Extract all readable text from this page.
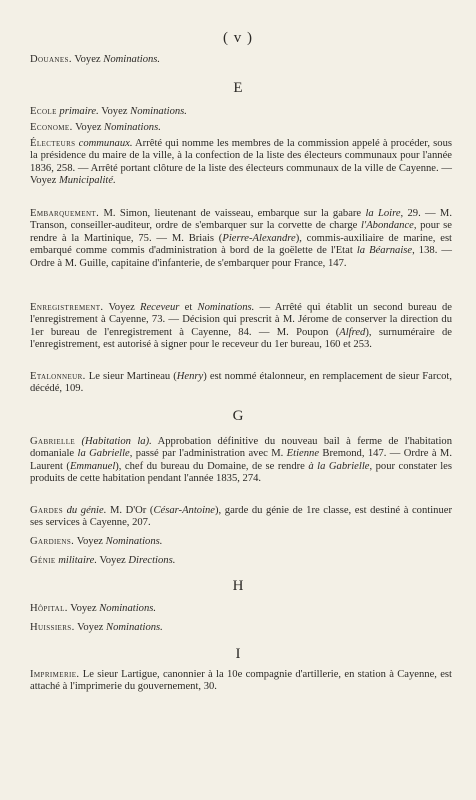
( v )
Douanes. Voyez Nominations.
E
Ecole primaire. Voyez Nominations.
Econome. Voyez Nominations.
Électeurs communaux. Arrêté qui nomme les membres de la commission appelé à procéder, sous la présidence du maire de la ville, à la confection de la liste des électeurs communaux pour l'année 1836, 258. — Arrêté portant clôture de la liste des électeurs communaux de la ville de Cayenne. — Voyez Municipalité.
Embarquement. M. Simon, lieutenant de vaisseau, embarque sur la gabare la Loire, 29. — M. Transon, conseiller-auditeur, ordre de s'embarquer sur la corvette de charge l'Abondance, pour se rendre à la Martinique, 75. — M. Briais (Pierre-Alexandre), commis-auxiliaire de marine, est embarqué comme commis d'administration à bord de la goëlette de l'Etat la Béarnaise, 138. — Ordre à M. Guille, capitaine d'infanterie, de s'embarquer pour France, 147.
Enregistrement. Voyez Receveur et Nominations. — Arrêté qui établit un second bureau de l'enregistrement à Cayenne, 73. — Décision qui prescrit à M. Jérome de conserver la direction du 1er bureau de l'enregistrement à Cayenne, 84. — M. Poupon (Alfred), surnuméraire de l'enregistrement, est autorisé à signer pour le receveur du 1er bureau, 160 et 253.
Etalonneur. Le sieur Martineau (Henry) est nommé étalonneur, en remplacement de sieur Farcot, décédé, 109.
G
Gabrielle (Habitation la). Approbation définitive du nouveau bail à ferme de l'habitation domaniale la Gabrielle, passé par l'administration avec M. Etienne Bremond, 147. — Ordre à M. Laurent (Emmanuel), chef du bureau du Domaine, de se rendre à la Gabrielle, pour constater les produits de cette habitation pendant l'année 1835, 274.
Gardes du génie. M. D'Or (César-Antoine), garde du génie de 1re classe, est destiné à continuer ses services à Cayenne, 207.
Gardiens. Voyez Nominations.
Génie militaire. Voyez Directions.
H
Hôpital. Voyez Nominations.
Huissiers. Voyez Nominations.
I
Imprimerie. Le sieur Lartigue, canonnier à la 10e compagnie d'artillerie, en station à Cayenne, est attaché à l'imprimerie du gouvernement, 30.
